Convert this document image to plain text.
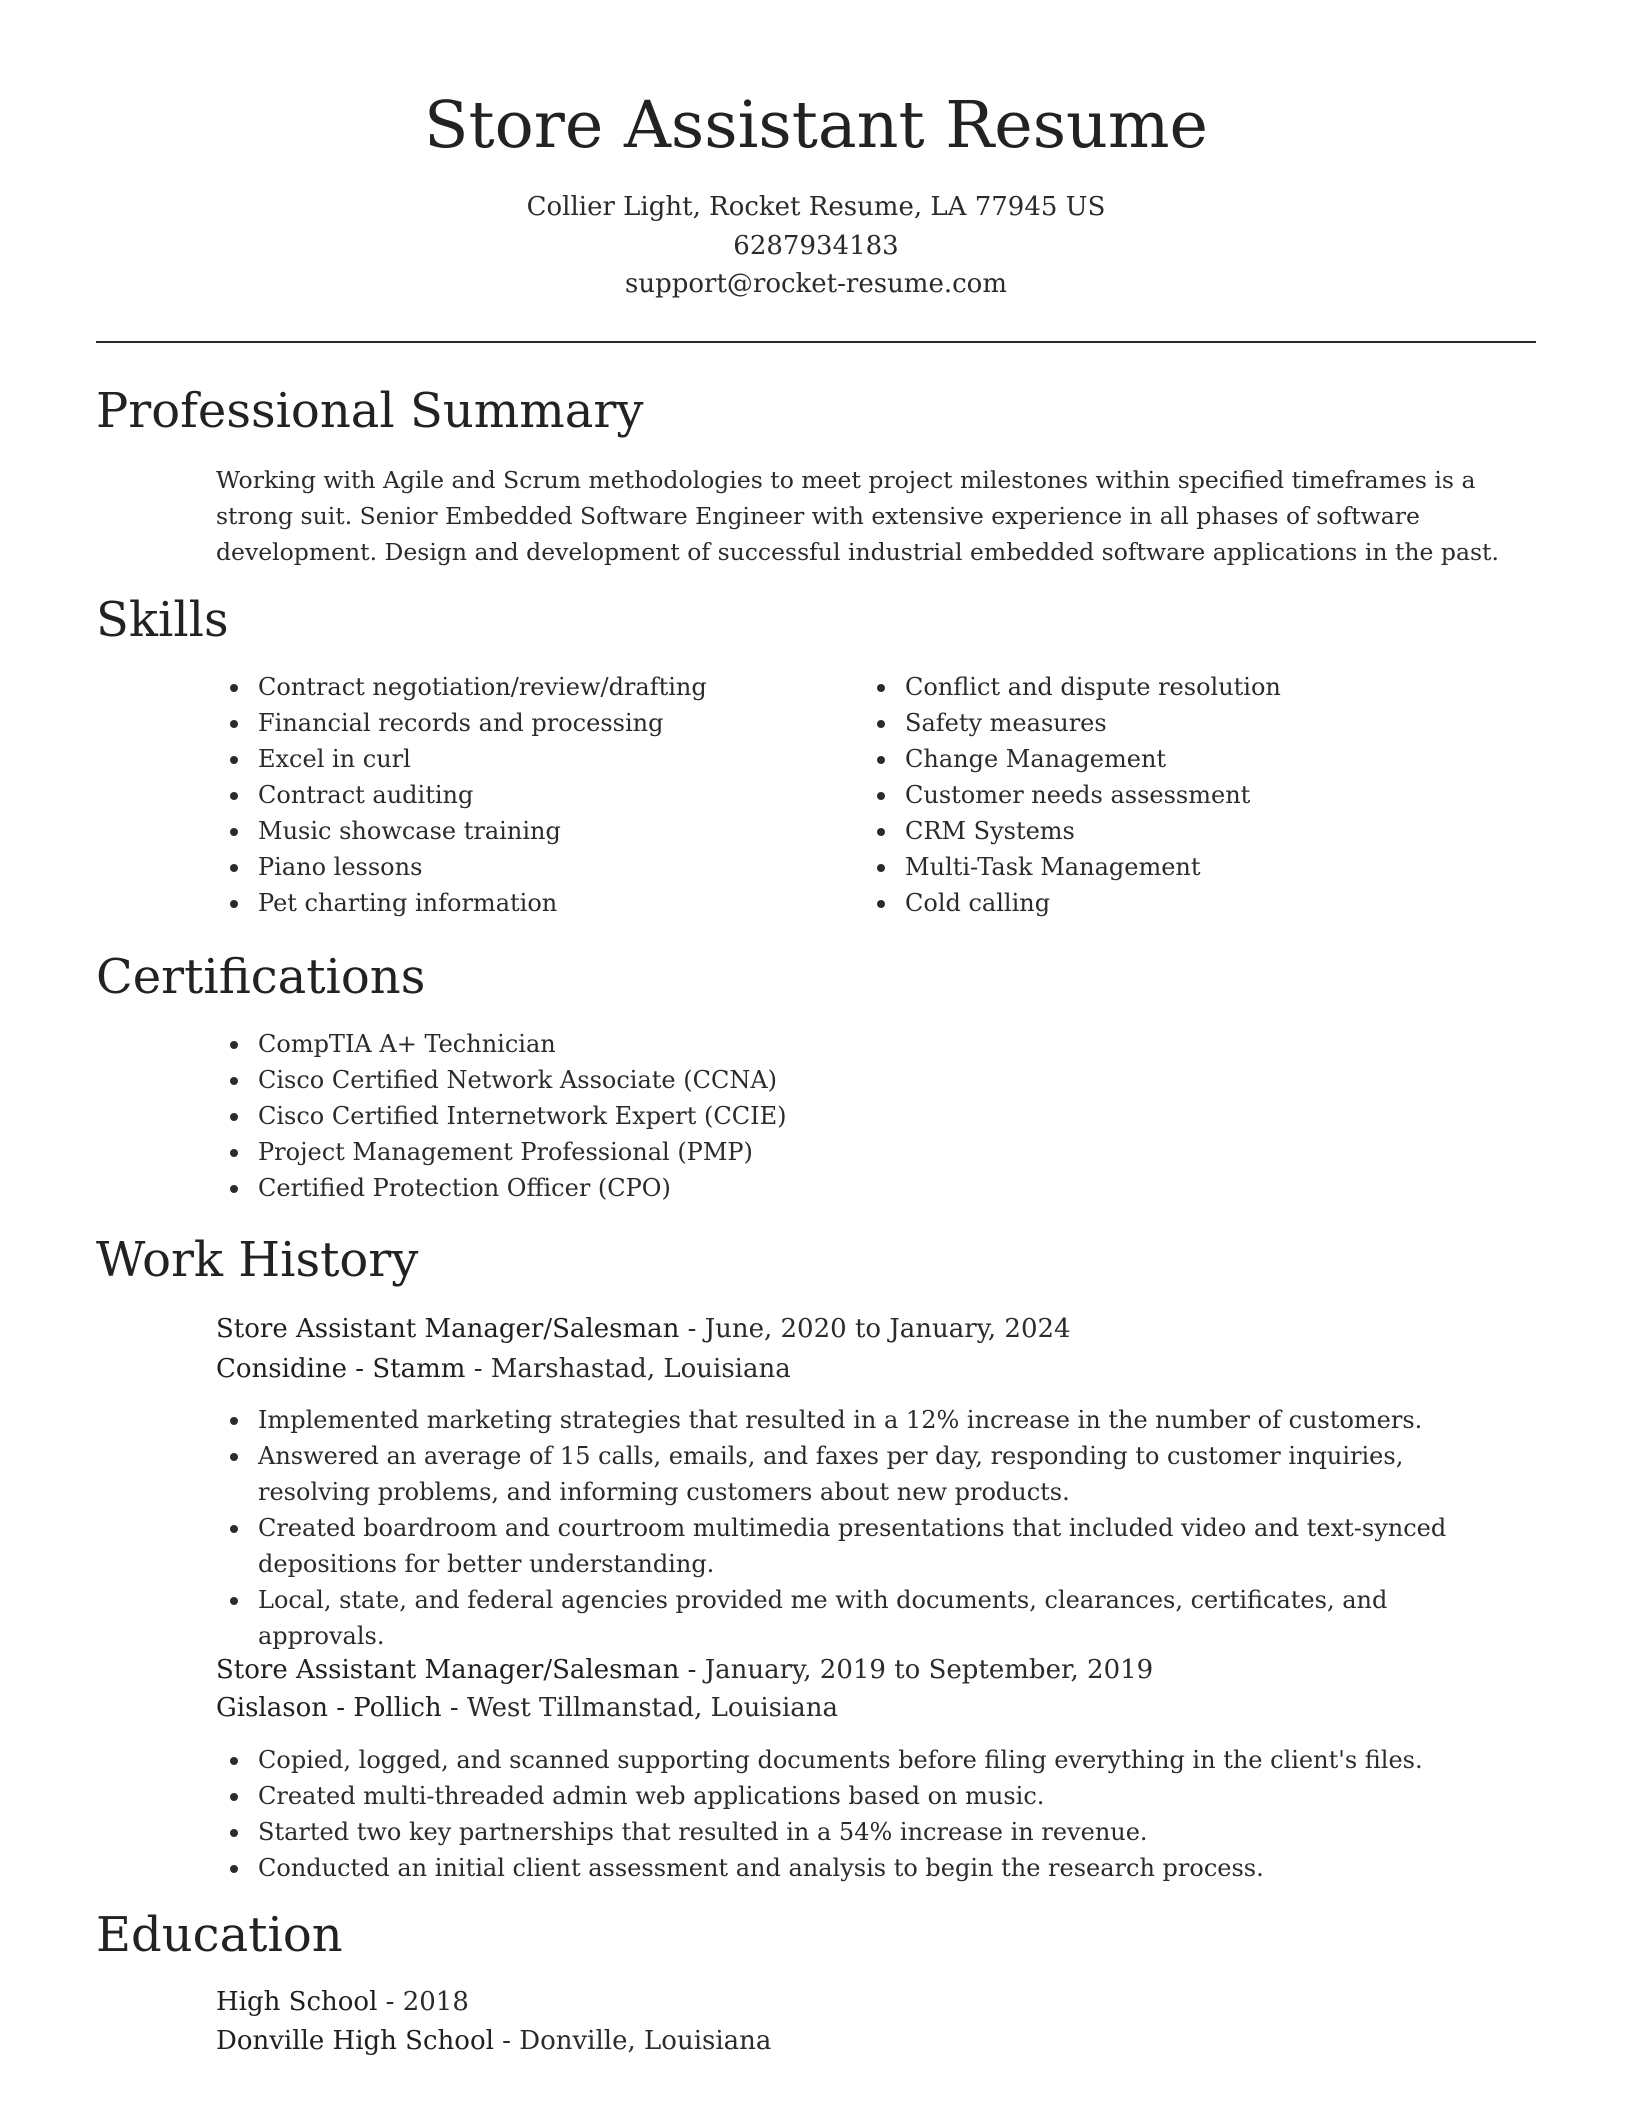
Store Assistant Resume
Collier Light, Rocket Resume, LA 77945 US
6287934183
support@rocket-resume.com
Professional Summary
Working with Agile and Scrum methodologies to meet project milestones within specified timeframes is a strong suit. Senior Embedded Software Engineer with extensive experience in all phases of software development. Design and development of successful industrial embedded software applications in the past.
Skills
Contract negotiation/review/drafting
Financial records and processing
Excel in curl
Contract auditing
Music showcase training
Piano lessons
Pet charting information
Conflict and dispute resolution
Safety measures
Change Management
Customer needs assessment
CRM Systems
Multi-Task Management
Cold calling
Certifications
CompTIA A+ Technician
Cisco Certified Network Associate (CCNA)
Cisco Certified Internetwork Expert (CCIE)
Project Management Professional (PMP)
Certified Protection Officer (CPO)
Work History
Store Assistant Manager/Salesman - June, 2020 to January, 2024
Considine - Stamm - Marshastad, Louisiana
Implemented marketing strategies that resulted in a 12% increase in the number of customers.
Answered an average of 15 calls, emails, and faxes per day, responding to customer inquiries, resolving problems, and informing customers about new products.
Created boardroom and courtroom multimedia presentations that included video and text-synced depositions for better understanding.
Local, state, and federal agencies provided me with documents, clearances, certificates, and approvals.
Store Assistant Manager/Salesman - January, 2019 to September, 2019
Gislason - Pollich - West Tillmanstad, Louisiana
Copied, logged, and scanned supporting documents before filing everything in the client's files.
Created multi-threaded admin web applications based on music.
Started two key partnerships that resulted in a 54% increase in revenue.
Conducted an initial client assessment and analysis to begin the research process.
Education
High School - 2018
Donville High School - Donville, Louisiana
